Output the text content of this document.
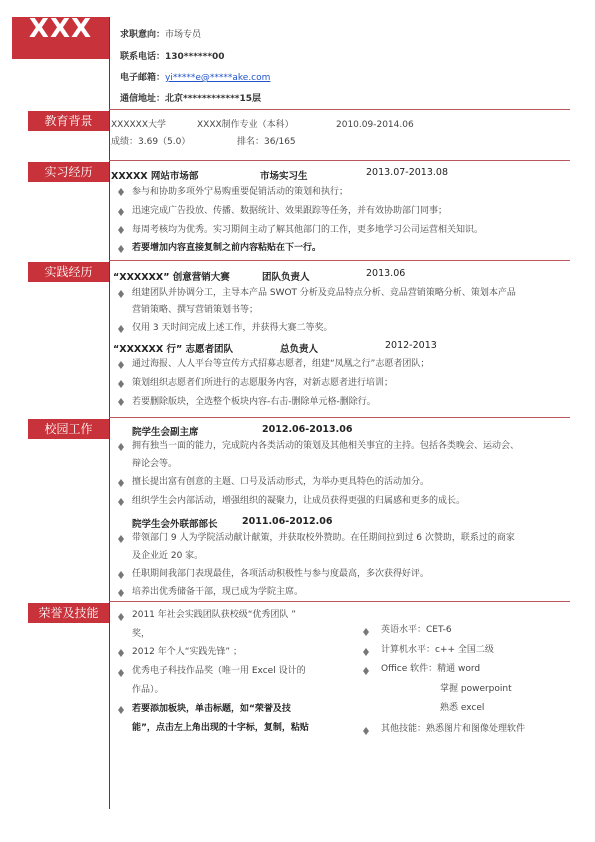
XXX	求职意向：市场专员
联系电话：130******00
电子邮箱：yi*****e@*****ake.com
通信地址：北京************15层
教育背景	XXXXXX大学	XXXX制作专业（本科）	2010.09-2014.06
成绩：3.69（5.0）	排名：36/165
实习经历	XXXXX 网站市场部	市场实习生	2013.07-2013.08
参与和协助多项外宁易购重要促销活动的策划和执行；
迅速完成广告投放、传播、数据统计、效果跟踪等任务，并有效协助部门同事；
每周考核均为优秀。实习期间主动了解其他部门的工作，更多地学习公司运营相关知识。
若要增加内容直接复制之前内容粘贴在下一行。
实践经历	“XXXXXX” 创意营销大赛	团队负责人	2013.06
组建团队并协调分工，主导本产品 SWOT 分析及竞品特点分析、竞品营销策略分析、策划本产品
营销策略、撰写营销策划书等；
仅用 3 天时间完成上述工作，并获得大赛二等奖。
“XXXXXX 行” 志愿者团队	总负责人	2012-2013
通过海报、人人平台等宣传方式招募志愿者，组建“凤凰之行”志愿者团队；
策划组织志愿者们所进行的志愿服务内容，对新志愿者进行培训；
若要删除版块，全选整个板块内容-右击-删除单元格-删除行。
校园工作	院学生会副主席	2012.06-2013.06
拥有独当一面的能力，完成院内各类活动的策划及其他相关事宜的主持。包括各类晚会、运动会、
辩论会等。
擅长提出富有创意的主题、口号及活动形式，为举办更具特色的活动加分。
组织学生会内部活动，增强组织的凝聚力，让成员获得更强的归属感和更多的成长。
院学生会外联部部长	2011.06-2012.06
带领部门 9 人为学院活动献计献策，并获取校外赞助。在任期间拉到过 6 次赞助，联系过的商家
及企业近 20 家。
任职期间我部门表现最佳，各项活动积极性与参与度最高，多次获得好评。
培养出优秀储备干部，现已成为学院主席。
荣誉及技能	2011 年社会实践团队获校级“优秀团队 ”
奖，
2012 年个人“实践先锋” ；
优秀电子科技作品奖（唯一用 Excel 设计的
作品）。
若要添加板块，单击标题，如“荣誉及技
能”，点击左上角出现的十字标，复制，粘贴
英语水平：CET-6
计算机水平：c++ 全国二级
Office 软件：精通 word
掌握 powerpoint
熟悉 excel
其他技能：熟悉图片和图像处理软件
